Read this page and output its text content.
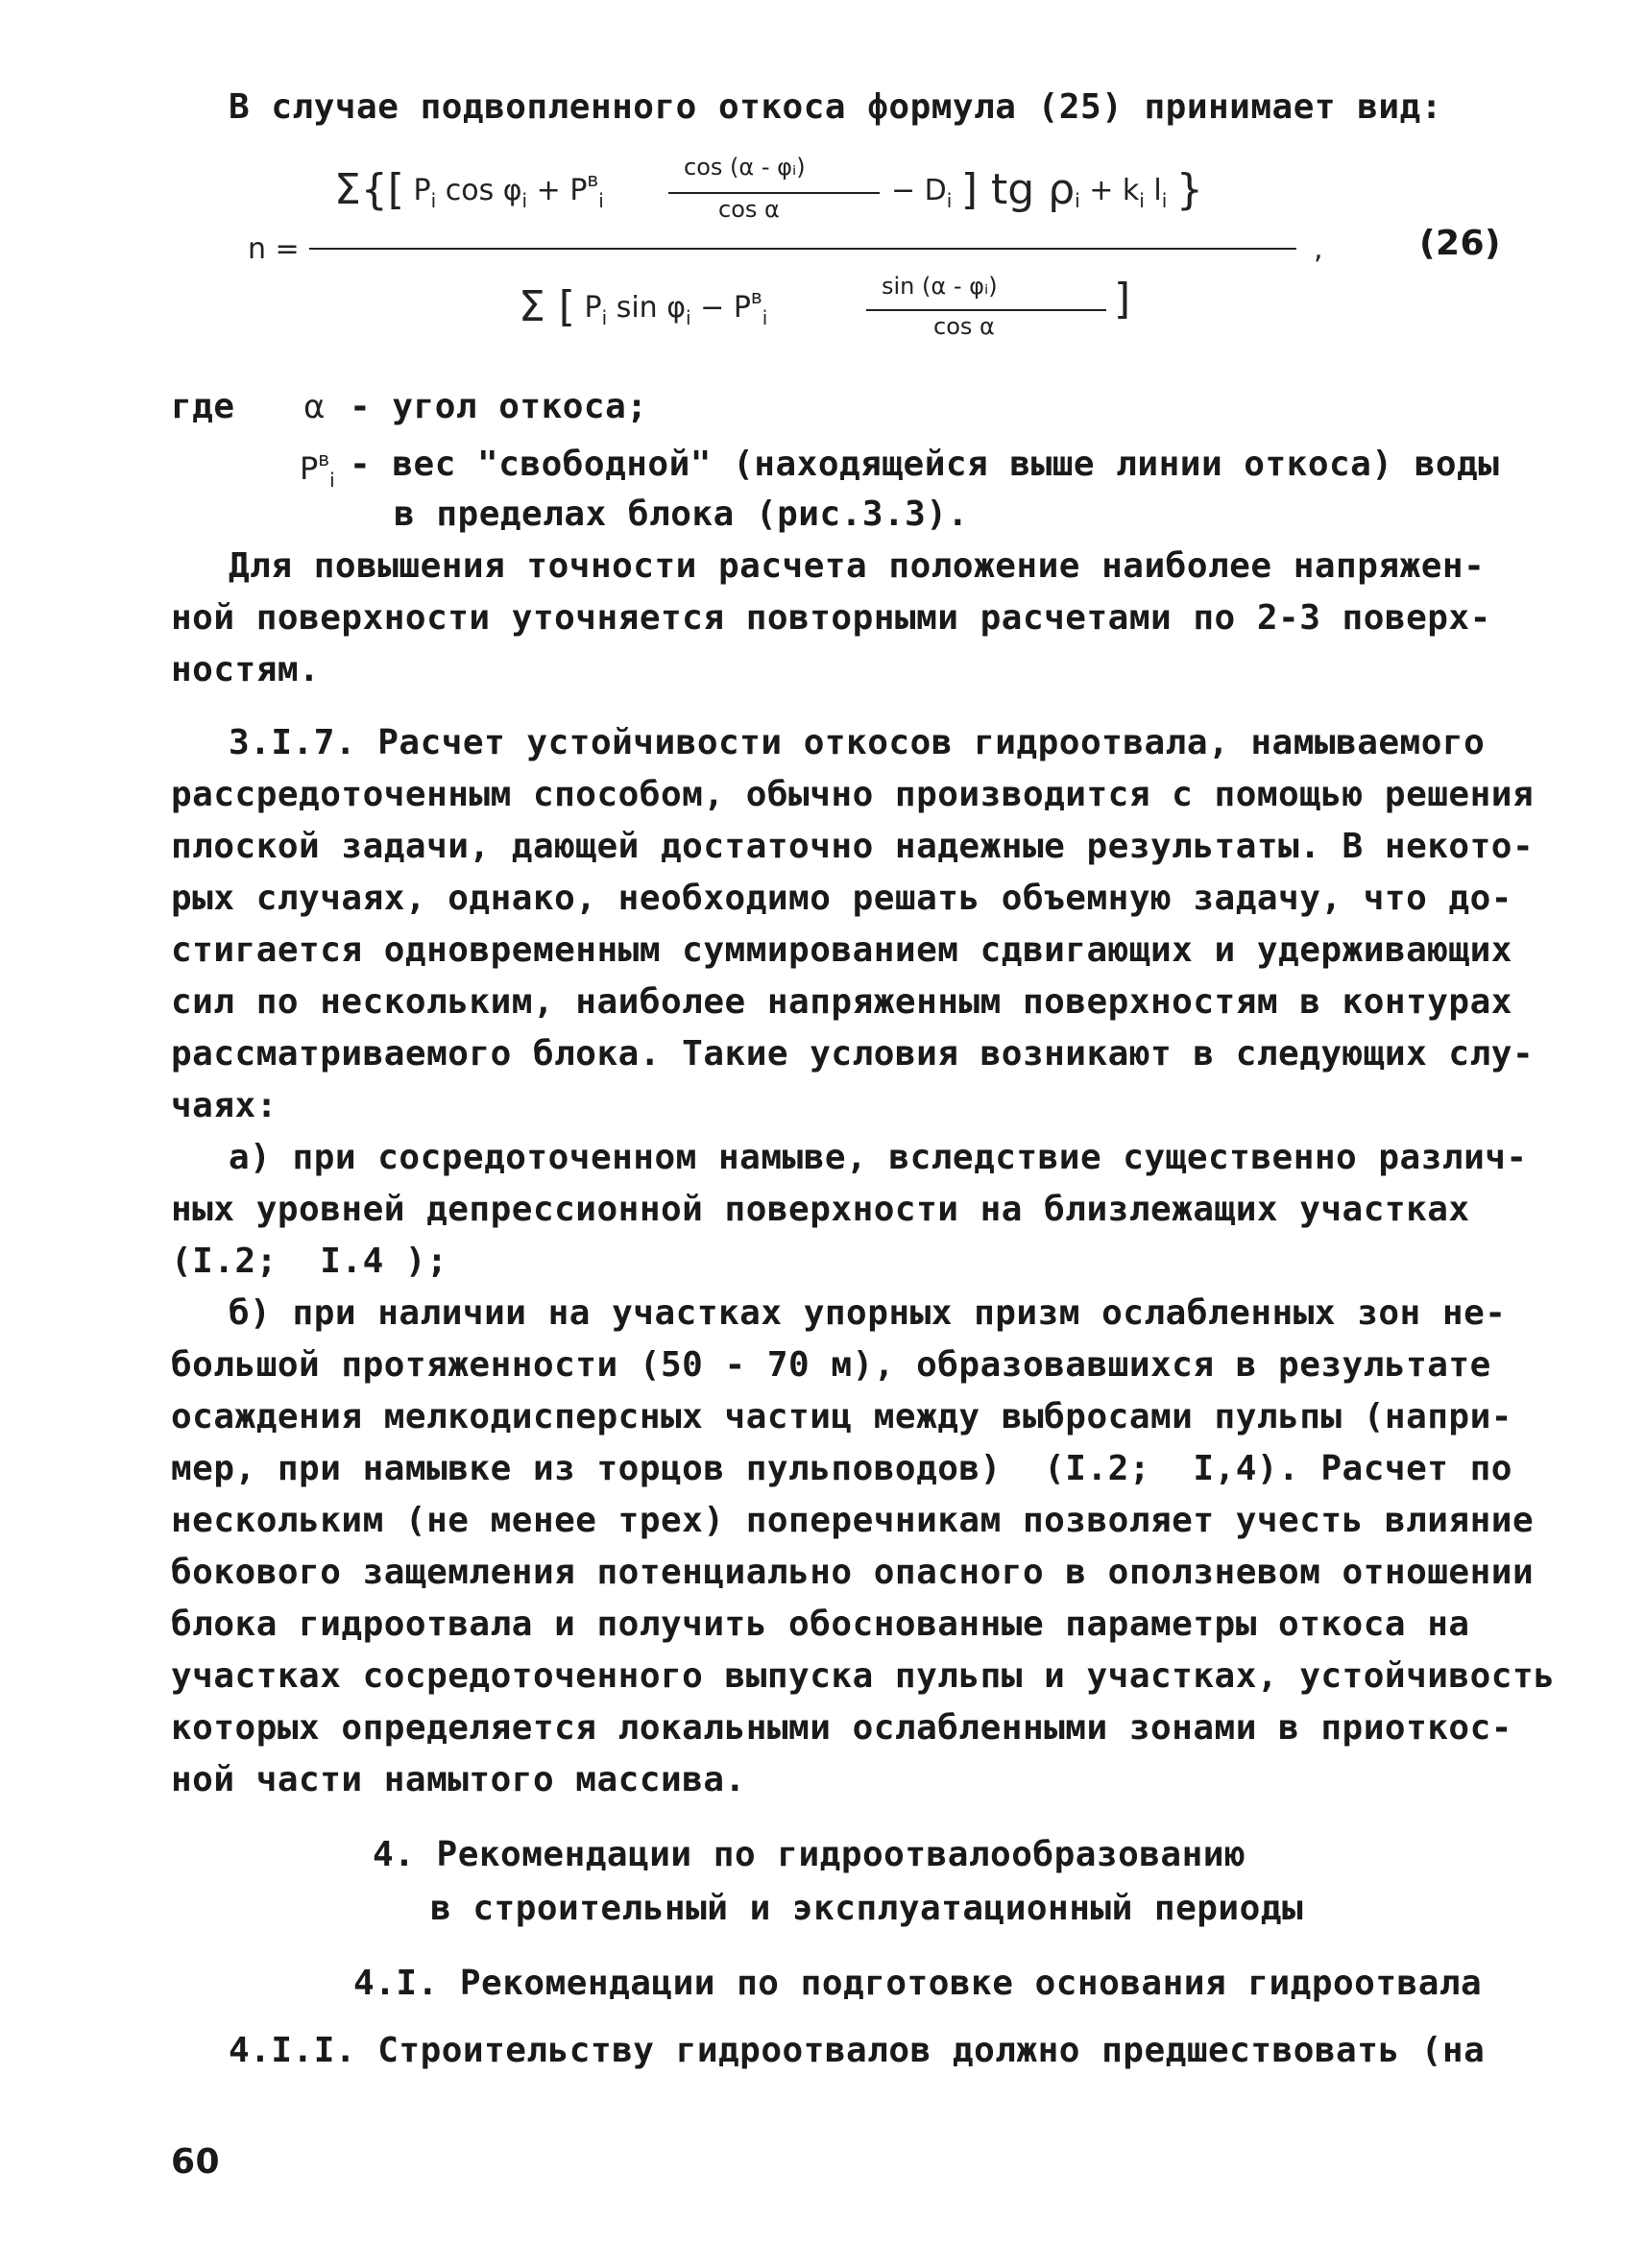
В случае подвопленного откоса формула (25) принимает вид:
n =
Σ{[ $P_i$ $\cos \varphi_i + P^в_i$
cos (α - φᵢ)
cos α
− $D_i$ ] tg $\rho_i + k_i$ $l_i$ }
,	(26)
Σ [ $P_i$ $\sin \varphi_i - P^в_i$
sin (α - φᵢ)
cos α
]
где α - угол откоса;
$P^в_i$ - вес "свободной" (находящейся выше линии откоса) воды
в пределах блока (рис.3.3).
Для повышения точности расчета положение наиболее напряжен-
ной поверхности уточняется повторными расчетами по 2-3 поверх-
ностям.
3.I.7. Расчет устойчивости откосов гидроотвала, намываемого
рассредоточенным способом, обычно производится с помощью решения
плоской задачи, дающей достаточно надежные результаты. В некото-
рых случаях, однако, необходимо решать объемную задачу, что до-
стигается одновременным суммированием сдвигающих и удерживающих
сил по нескольким, наиболее напряженным поверхностям в контурах
рассматриваемого блока. Такие условия возникают в следующих слу-
чаях:
а) при сосредоточенном намыве, вследствие существенно различ-
ных уровней депрессионной поверхности на близлежащих участках
(I.2;  I.4 );
б) при наличии на участках упорных призм ослабленных зон не-
большой протяженности (50 - 70 м), образовавшихся в результате
осаждения мелкодисперсных частиц между выбросами пульпы (напри-
мер, при намывке из торцов пульповодов)  (I.2;  I,4). Расчет по
нескольким (не менее трех) поперечникам позволяет учесть влияние
бокового защемления потенциально опасного в оползневом отношении
блока гидроотвала и получить обоснованные параметры откоса на
участках сосредоточенного выпуска пульпы и участках, устойчивость
которых определяется локальными ослабленными зонами в приоткос-
ной части намытого массива.
4. Рекомендации по гидроотвалообразованию
в строительный и эксплуатационный периоды
4.I. Рекомендации по подготовке основания гидроотвала
4.I.I. Строительству гидроотвалов должно предшествовать (на
60
